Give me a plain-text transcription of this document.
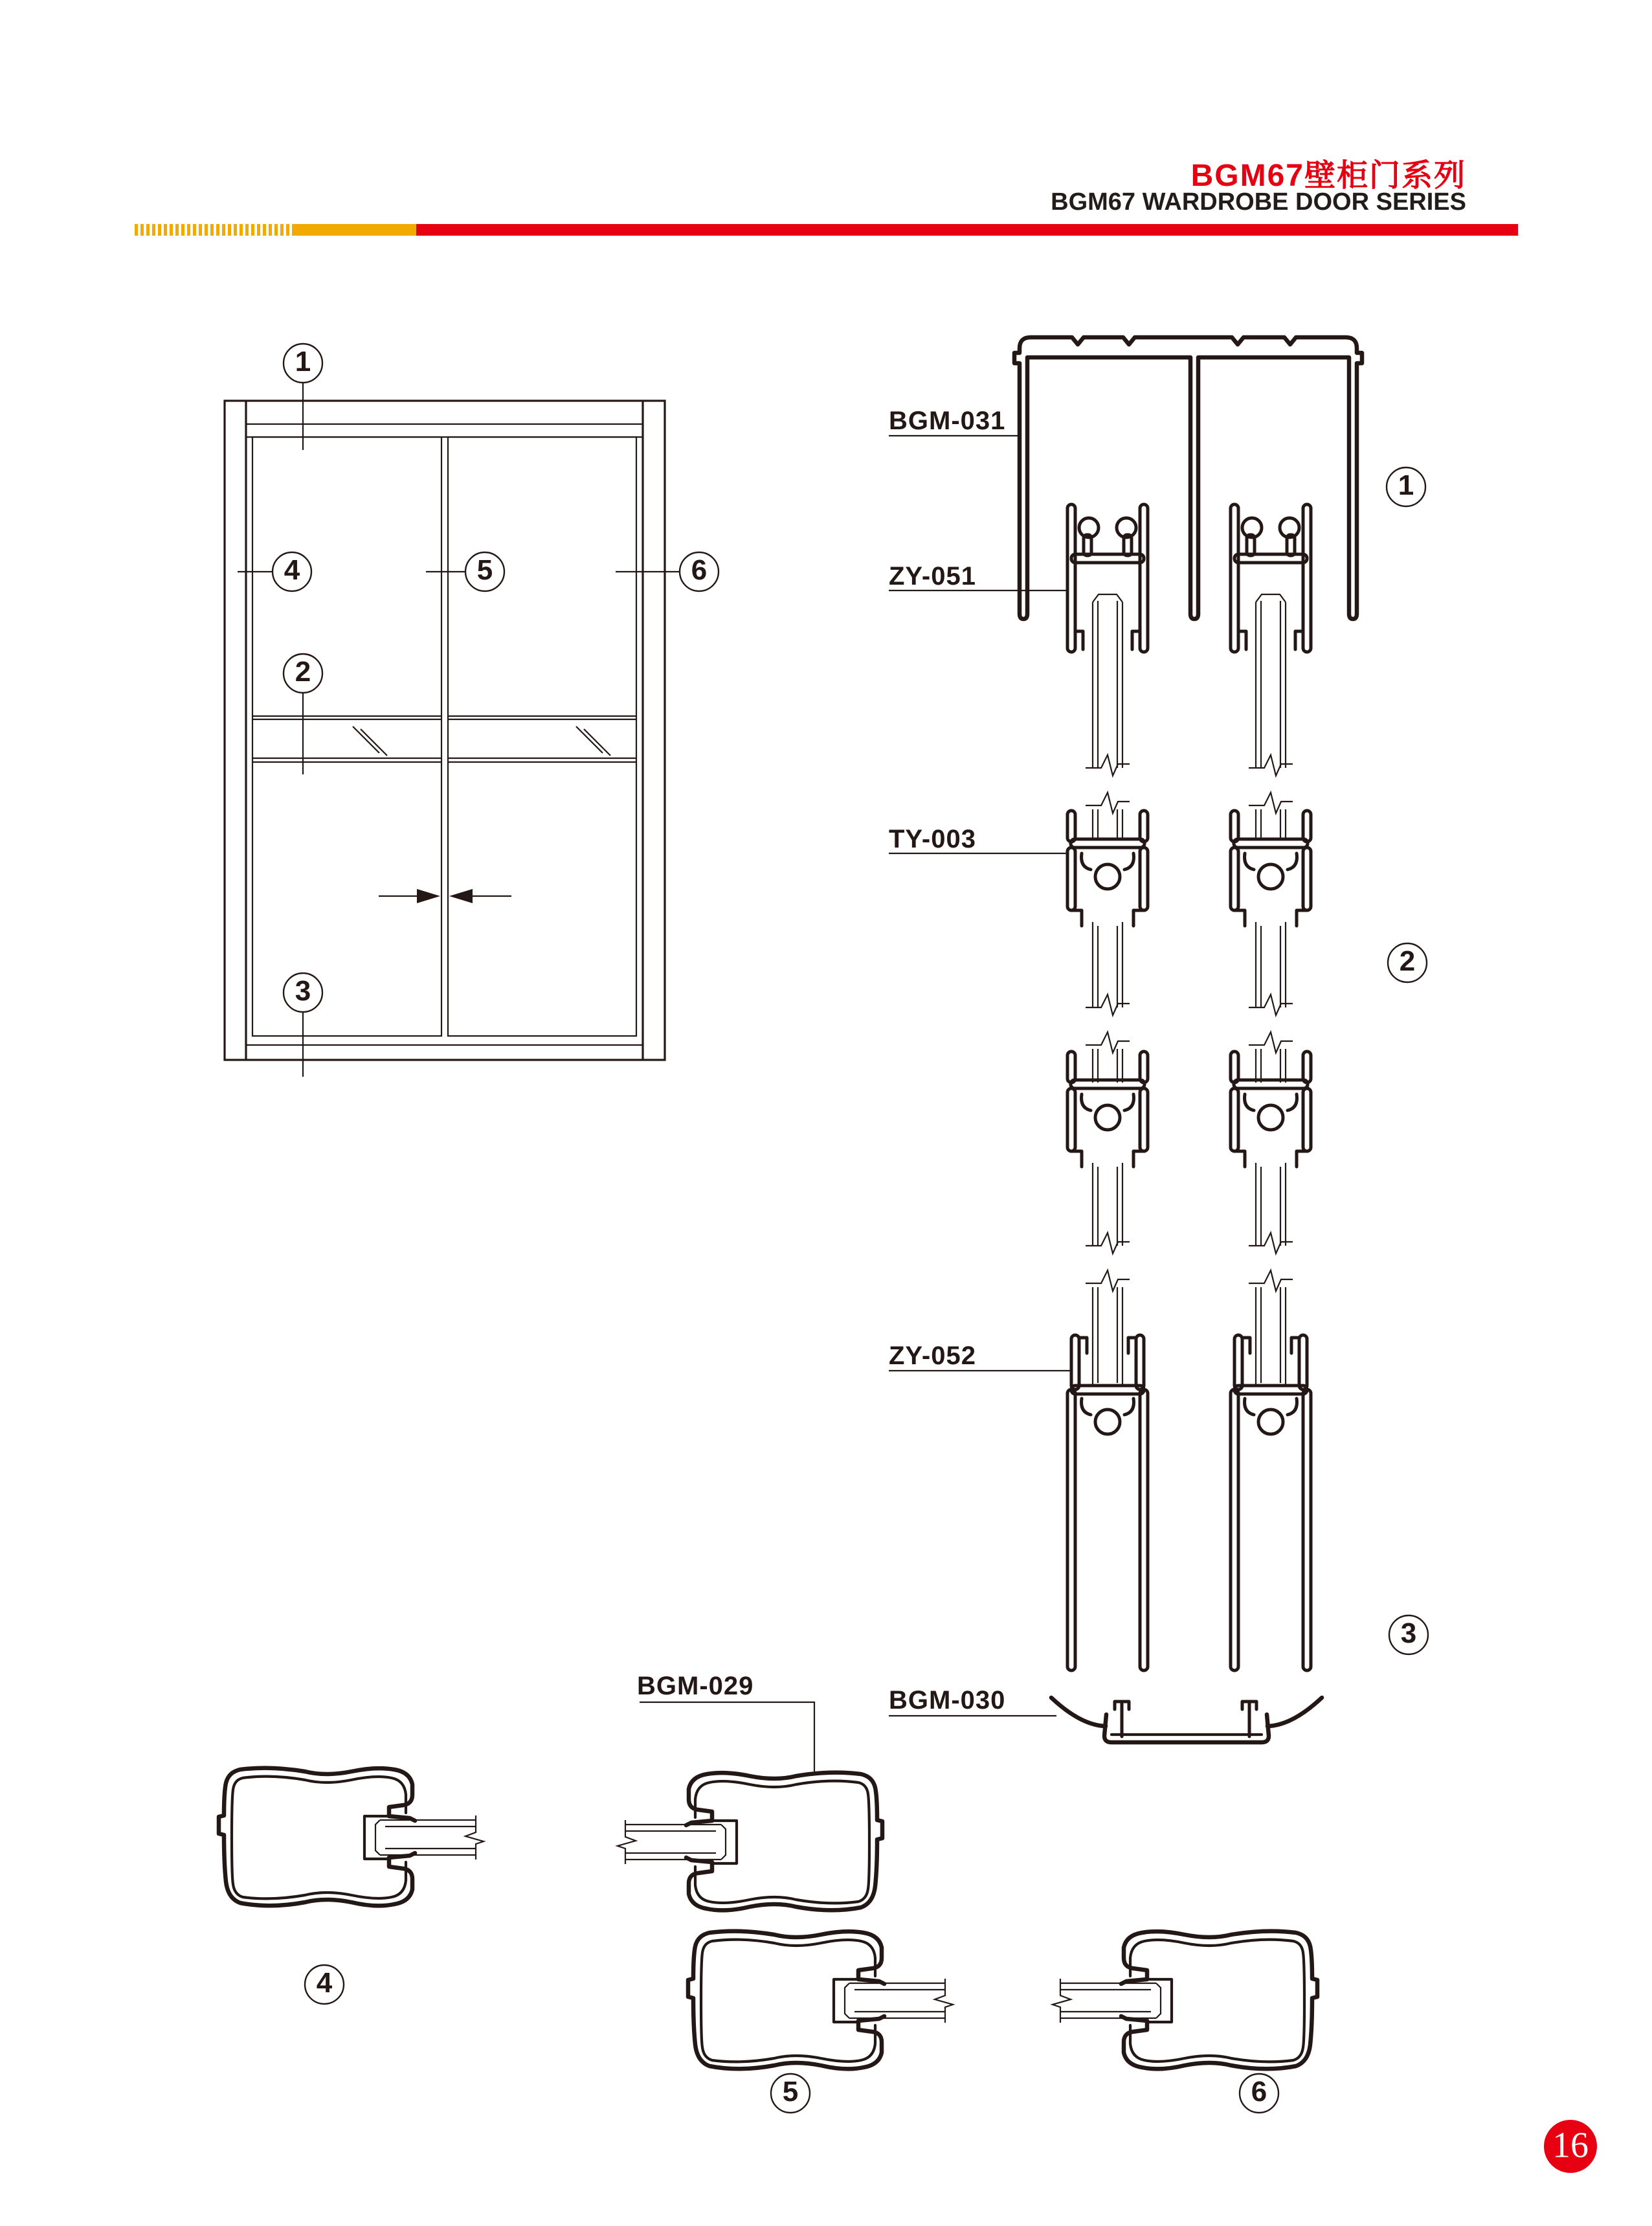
BGM67壁柜门系列
BGM67 WARDROBE DOOR SERIES
BGM-031
ZY-051
TY-003
ZY-052
BGM-030
BGM-029
1
2
3
4	5	6
1
2
3
4
5	6
16
